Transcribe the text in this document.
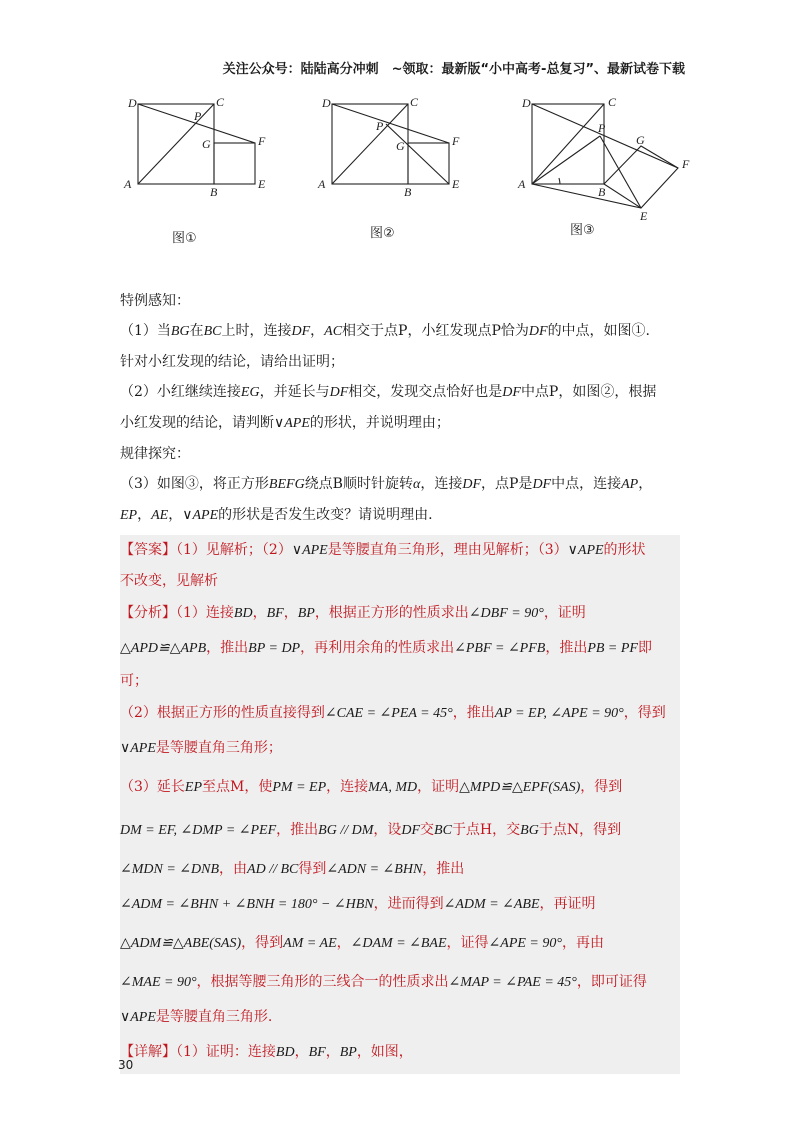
关注公众号：陆陆高分冲刺　~领取：最新版“小中高考-总复习”、最新试卷下载
D	C
P
G	F
A
B
E
图①
D	C
P
G	F
A
B
E
图②
D	C
P
G
F
A
B
E
图③

特例感知：

（1）当BG在BC上时，连接DF，AC相交于点P，小红发现点P恰为DF的中点，如图①.

针对小红发现的结论，请给出证明；

（2）小红继续连接EG，并延长与DF相交，发现交点恰好也是DF中点P，如图②，根据

小红发现的结论，请判断∨APE的形状，并说明理由；

规律探究：

（3）如图③，将正方形BEFG绕点B顺时针旋转α，连接DF，点P是DF中点，连接AP，

EP，AE，∨APE的形状是否发生改变？请说明理由.

【答案】（1）见解析；（2）∨APE是等腰直角三角形，理由见解析；（3）∨APE的形状

不改变，见解析

【分析】（1）连接BD，BF，BP，根据正方形的性质求出∠DBF = 90°，证明

△APD≌△APB，推出BP = DP，再利用余角的性质求出∠PBF = ∠PFB，推出PB = PF即

可；

（2）根据正方形的性质直接得到∠CAE = ∠PEA = 45°，推出AP = EP, ∠APE = 90°，得到

∨APE是等腰直角三角形；

（3）延长EP至点M，使PM = EP，连接MA, MD，证明△MPD≌△EPF(SAS)，得到

DM = EF, ∠DMP = ∠PEF，推出BG // DM，设DF交BC于点H，交BG于点N，得到

∠MDN = ∠DNB，由AD // BC得到∠ADN = ∠BHN，推出

∠ADM = ∠BHN + ∠BNH = 180° − ∠HBN，进而得到∠ADM = ∠ABE，再证明

△ADM≌△ABE(SAS)，得到AM = AE，∠DAM = ∠BAE，证得∠APE = 90°，再由

∠MAE = 90°，根据等腰三角形的三线合一的性质求出∠MAP = ∠PAE = 45°，即可证得

∨APE是等腰直角三角形.

【详解】（1）证明：连接BD，BF，BP，如图，

30
